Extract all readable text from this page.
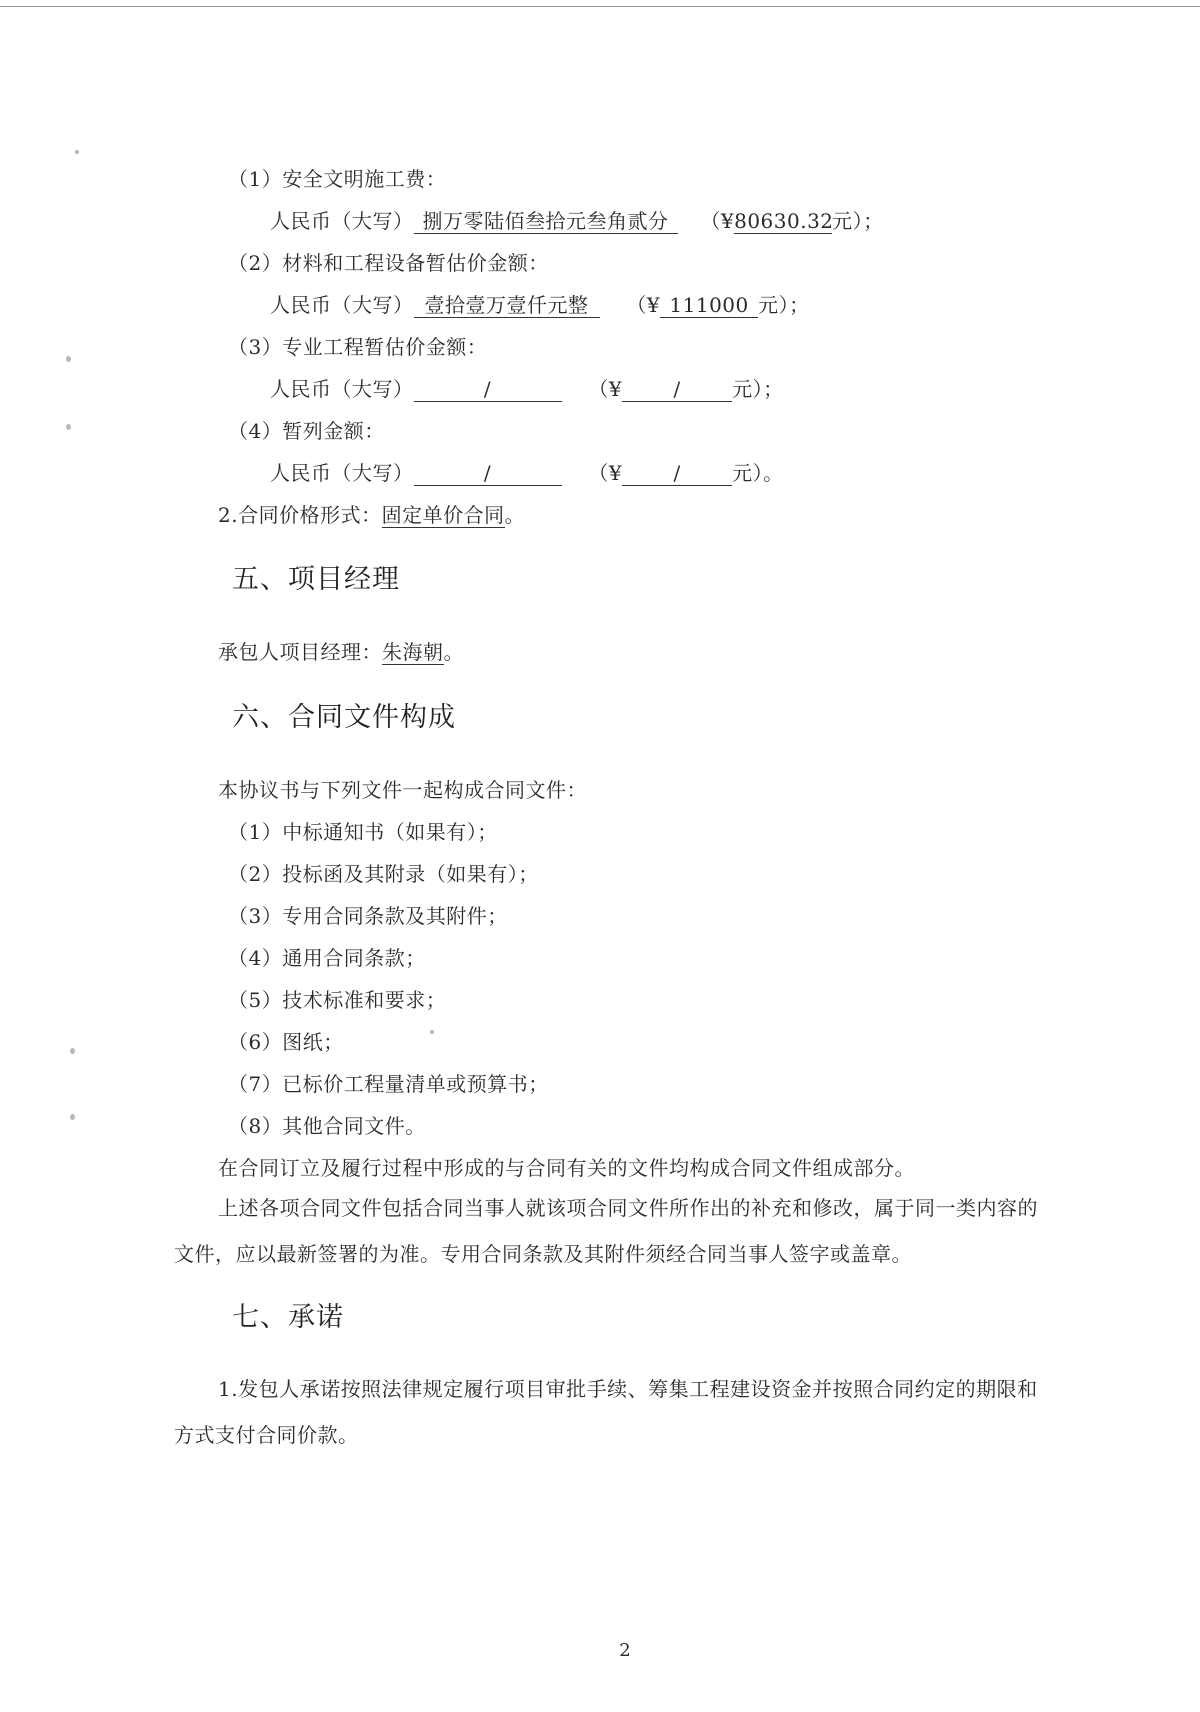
（1）安全文明施工费：
人民币（大写） 捌万零陆佰叁拾元叁角贰分 （¥80630.32元）；
（2）材料和工程设备暂估价金额：
人民币（大写） 壹拾壹万壹仟元整 （¥ 111000 元）；
（3）专业工程暂估价金额：
人民币（大写）	/	（¥	/	元）；
（4）暂列金额：
人民币（大写）	/	（¥	/	元）。
2.合同价格形式：固定单价合同。
五、项目经理
承包人项目经理：朱海朝。
六、合同文件构成
本协议书与下列文件一起构成合同文件：
（1）中标通知书（如果有）；
（2）投标函及其附录（如果有）；
（3）专用合同条款及其附件；
（4）通用合同条款；
（5）技术标准和要求；
（6）图纸；
（7）已标价工程量清单或预算书；
（8）其他合同文件。
在合同订立及履行过程中形成的与合同有关的文件均构成合同文件组成部分。
上述各项合同文件包括合同当事人就该项合同文件所作出的补充和修改，属于同一类内容的文件，应以最新签署的为准。专用合同条款及其附件须经合同当事人签字或盖章。
七、承诺
1.发包人承诺按照法律规定履行项目审批手续、筹集工程建设资金并按照合同约定的期限和方式支付合同价款。
2
